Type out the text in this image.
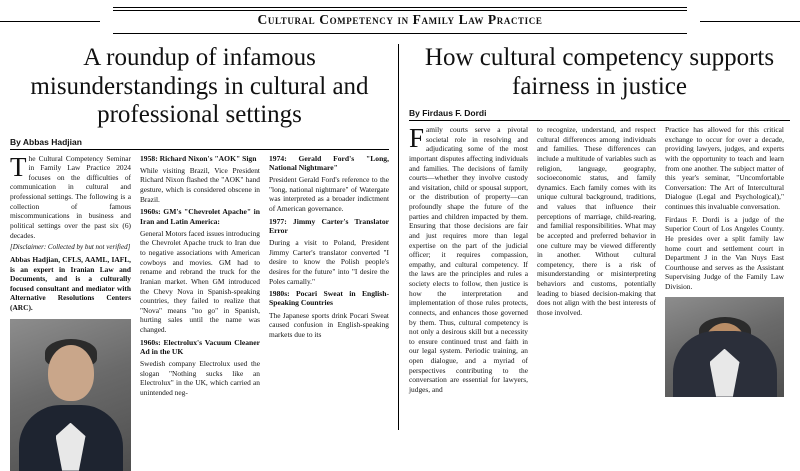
Cultural Competency in Family Law Practice
A roundup of infamous misunderstandings in cultural and professional settings
By Abbas Hadjian

The Cultural Competency Seminar in Family Law Practice 2024 focuses on the difficulties of communication in cultural and professional settings. The following is a collection of famous miscommunications in business and political settings over the past six (6) decades.

[Disclaimer: Collected by but not verified]

Abbas Hadjian, CFLS, AAML, IAFL, is an expert in Iranian Law and Documents, and is a culturally focused consultant and mediator with Alternative Resolutions Centers (ARC).

1958: Richard Nixon's "AOK" Sign

While visiting Brazil, Vice President Richard Nixon flashed the "AOK" hand gesture, which is considered obscene in Brazil.

1960s: GM's "Chevrolet Apache" in Iran and Latin America:

General Motors faced issues introducing the Chevrolet Apache truck to Iran due to negative associations with American cowboys and movies. GM had to rename and rebrand the truck for the Iranian market. When GM introduced the Chevy Nova in Spanish-speaking countries, they failed to realize that "Nova" means "no go" in Spanish, hurting sales until the name was changed.

1960s: Electrolux's Vacuum Cleaner Ad in the UK

Swedish company Electrolux used the slogan "Nothing sucks like an Electrolux" in the UK, which carried an unintended neg-

1974: Gerald Ford's "Long, National Nightmare"

President Gerald Ford's reference to the "long, national nightmare" of Watergate was interpreted as a broader indictment of American governance.

1977: Jimmy Carter's Translator Error

During a visit to Poland, President Jimmy Carter's translator converted "I desire to know the Polish people's desires for the future" into "I desire the Poles carnally."

1980s: Pocari Sweat in English-Speaking Countries

The Japanese sports drink Pocari Sweat caused confusion in English-speaking markets due to its

How cultural competency supports fairness in justice
By Firdaus F. Dordi

Family courts serve a pivotal societal role in resolving and adjudicating some of the most important disputes affecting individuals and families. The decisions of family courts—whether they involve custody and visitation, child or spousal support, or the distribution of property—can profoundly shape the future of the parties and children impacted by them. Ensuring that those decisions are fair and just requires more than legal expertise on the part of the judicial officer; it requires compassion, empathy, and cultural competency. If the laws are the principles and rules a society elects to follow, then justice is how the interpretation and implementation of those rules protects, connects, and enhances those governed by them. Thus, cultural competency is not only a desirous skill but a necessity to ensure continued trust and faith in our legal system. Periodic training, an open dialogue, and a myriad of perspectives contributing to the conversation are essential for lawyers, judges, and

to recognize, understand, and respect cultural differences among individuals and families. These differences can include a multitude of variables such as religion, language, geography, socioeconomic status, and family dynamics. Each family comes with its unique cultural background, traditions, and values that influence their perceptions of marriage, child-rearing, and familial responsibilities. What may be accepted and preferred behavior in one culture may be viewed differently in another. Without cultural competency, there is a risk of misunderstanding or misinterpreting behaviors and customs, potentially leading to biased decision-making that does not align with the best interests of those involved.

Practice has allowed for this critical exchange to occur for over a decade, providing lawyers, judges, and experts with the opportunity to teach and learn from one another. The subject matter of this year's seminar, "Uncomfortable Conversation: The Art of Intercultural Dialogue (Legal and Psychological)," continues this invaluable conversation.

Firdaus F. Dordi is a judge of the Superior Court of Los Angeles County. He presides over a split family law home court and settlement court in Department J in the Van Nuys East Courthouse and serves as the Assistant Supervising Judge of the Family Law Division.
